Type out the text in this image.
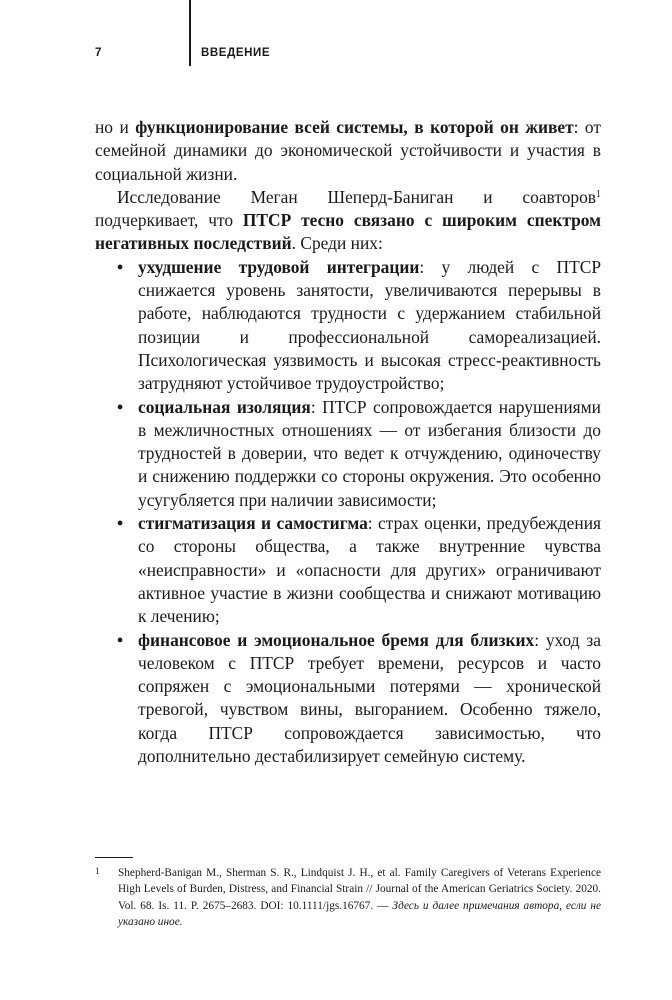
7	ВВЕДЕНИЕ

но и функционирование всей системы, в которой он живет: от семейной динамики до экономической устойчивости и участия в социальной жизни.

Исследование Меган Шеперд-Баниган и соавторов$^1$ подчеркивает, что ПТСР тесно связано с широким спектром негативных последствий. Среди них:

• ухудшение трудовой интеграции: у людей с ПТСР снижается уровень занятости, увеличиваются перерывы в работе, наблюдаются трудности с удержанием стабильной позиции и профессиональной самореализацией. Психологическая уязвимость и высокая стресс-реактивность затрудняют устойчивое трудоустройство;
• социальная изоляция: ПТСР сопровождается нарушениями в межличностных отношениях — от избегания близости до трудностей в доверии, что ведет к отчуждению, одиночеству и снижению поддержки со стороны окружения. Это особенно усугубляется при наличии зависимости;
• стигматизация и самостигма: страх оценки, предубеждения со стороны общества, а также внутренние чувства «неисправности» и «опасности для других» ограничивают активное участие в жизни сообщества и снижают мотивацию к лечению;
• финансовое и эмоциональное бремя для близких: уход за человеком с ПТСР требует времени, ресурсов и часто сопряжен с эмоциональными потерями — хронической тревогой, чувством вины, выгоранием. Особенно тяжело, когда ПТСР сопровождается зависимостью, что дополнительно дестабилизирует семейную систему.
1 Shepherd-Banigan M., Sherman S. R., Lindquist J. H., et al. Family Caregivers of Veterans Experience High Levels of Burden, Distress, and Financial Strain // Journal of the American Geriatrics Society. 2020. Vol. 68. Is. 11. P. 2675–2683. DOI: 10.1111/jgs.16767. — Здесь и далее примечания автора, если не указано иное.
